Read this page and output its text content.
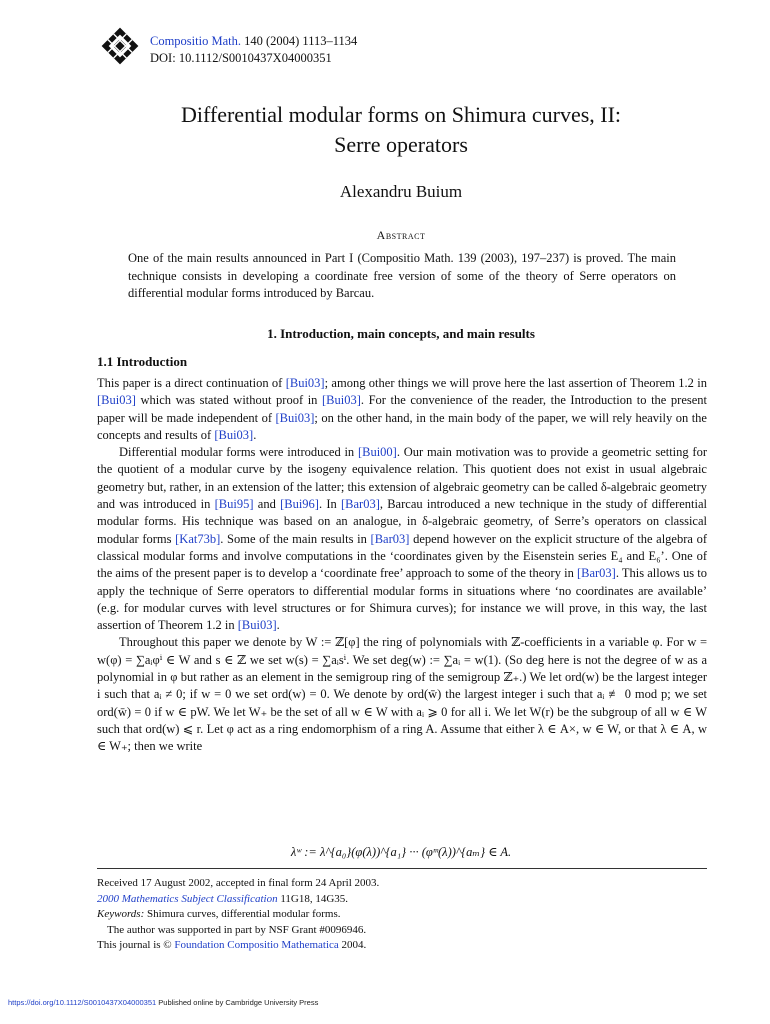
Compositio Math. 140 (2004) 1113–1134
DOI: 10.1112/S0010437X04000351
Differential modular forms on Shimura curves, II:
Serre operators
Alexandru Buium
Abstract

One of the main results announced in Part I (Compositio Math. 139 (2003), 197–237) is proved. The main technique consists in developing a coordinate free version of some of the theory of Serre operators on differential modular forms introduced by Barcau.

1. Introduction, main concepts, and main results
1.1 Introduction

This paper is a direct continuation of [Bui03]; among other things we will prove here the last assertion of Theorem 1.2 in [Bui03] which was stated without proof in [Bui03]. For the convenience of the reader, the Introduction to the present paper will be made independent of [Bui03]; on the other hand, in the main body of the paper, we will rely heavily on the concepts and results of [Bui03].

Differential modular forms were introduced in [Bui00]. Our main motivation was to provide a geometric setting for the quotient of a modular curve by the isogeny equivalence relation. This quotient does not exist in usual algebraic geometry but, rather, in an extension of the latter; this extension of algebraic geometry can be called δ-algebraic geometry and was introduced in [Bui95] and [Bui96]. In [Bar03], Barcau introduced a new technique in the study of differential modular forms. His technique was based on an analogue, in δ-algebraic geometry, of Serre’s operators on classical modular forms [Kat73b]. Some of the main results in [Bar03] depend however on the explicit structure of the algebra of classical modular forms and involve computations in the ‘coordinates given by the Eisenstein series E₄ and E₆’. One of the aims of the present paper is to develop a ‘coordinate free’ approach to some of the theory in [Bar03]. This allows us to apply the technique of Serre operators to differential modular forms in situations where ‘no coordinates are available’ (e.g. for modular curves with level structures or for Shimura curves); for instance we will prove, in this way, the last assertion of Theorem 1.2 in [Bui03].

Throughout this paper we denote by W := ℤ[φ] the ring of polynomials with ℤ-coefficients in a variable φ. For w = w(φ) = ∑aᵢφⁱ ∈ W and s ∈ ℤ we set w(s) = ∑aᵢsⁱ. We set deg(w) := ∑aᵢ = w(1). (So deg here is not the degree of w as a polynomial in φ but rather as an element in the semigroup ring of the semigroup ℤ₊.) We let ord(w) be the largest integer i such that aᵢ ≠ 0; if w = 0 we set ord(w) = 0. We denote by ord(w̄) the largest integer i such that aᵢ ≢ 0 mod p; we set ord(w̄) = 0 if w ∈ pW. We let W₊ be the set of all w ∈ W with aᵢ ⩾ 0 for all i. We let W(r) be the subgroup of all w ∈ W such that ord(w) ⩽ r. Let φ act as a ring endomorphism of a ring A. Assume that either λ ∈ A×, w ∈ W, or that λ ∈ A, w ∈ W₊; then we write

λʷ := λ^{a₀}(φ(λ))^{a₁} ··· (φᵐ(λ))^{aₘ} ∈ A.
Received 17 August 2002, accepted in final form 24 April 2003.
2000 Mathematics Subject Classification 11G18, 14G35.
Keywords: Shimura curves, differential modular forms.
The author was supported in part by NSF Grant #0096946.
This journal is © Foundation Compositio Mathematica 2004.
https://doi.org/10.1112/S0010437X04000351 Published online by Cambridge University Press
